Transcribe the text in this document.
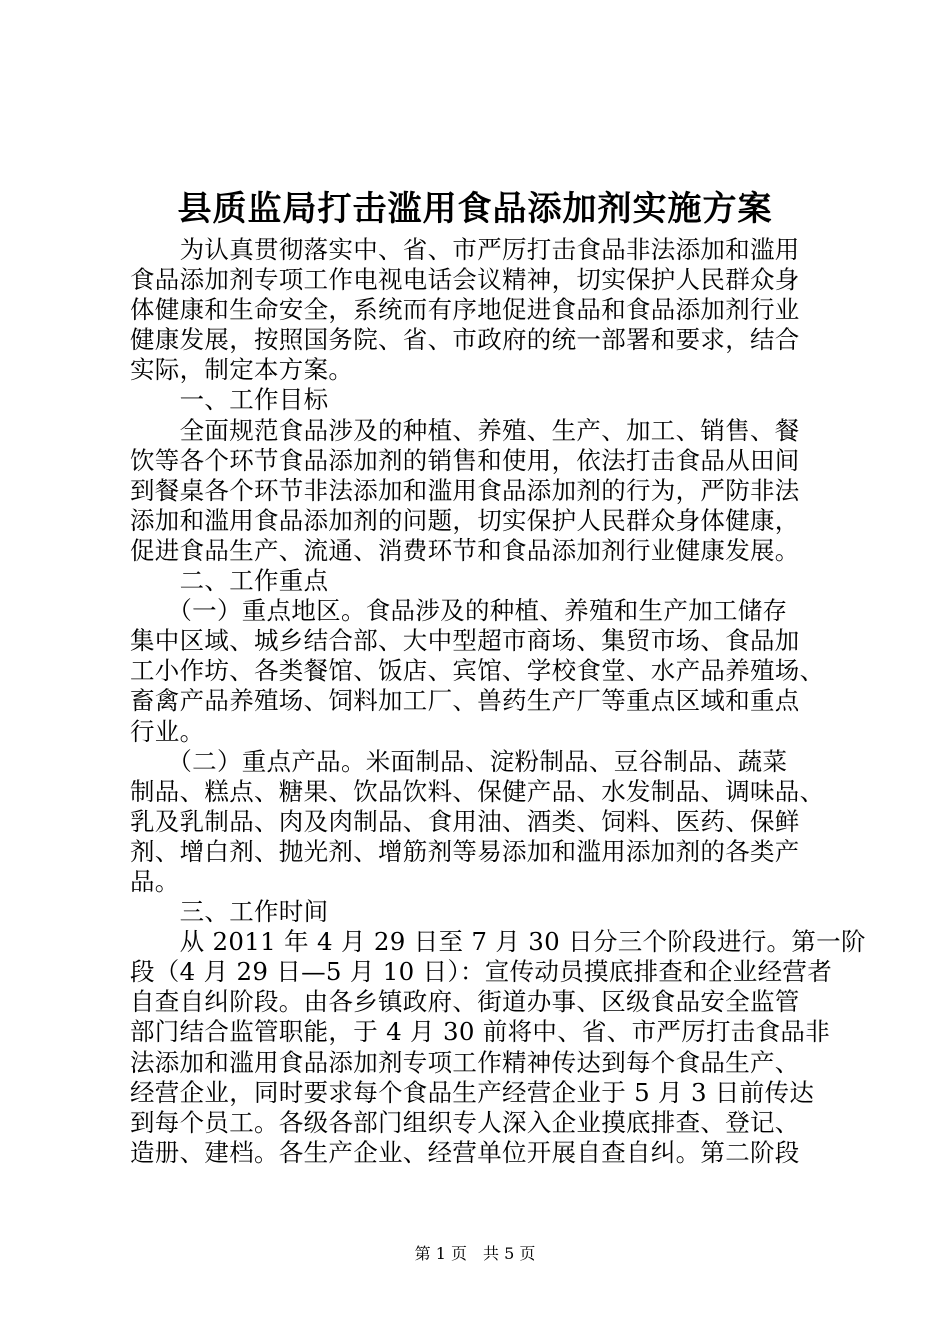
县质监局打击滥用食品添加剂实施方案
　　为认真贯彻落实中、省、市严厉打击食品非法添加和滥用
食品添加剂专项工作电视电话会议精神，切实保护人民群众身
体健康和生命安全，系统而有序地促进食品和食品添加剂行业
健康发展，按照国务院、省、市政府的统一部署和要求，结合
实际，制定本方案。
　　一、工作目标
　　全面规范食品涉及的种植、养殖、生产、加工、销售、餐
饮等各个环节食品添加剂的销售和使用，依法打击食品从田间
到餐桌各个环节非法添加和滥用食品添加剂的行为，严防非法
添加和滥用食品添加剂的问题，切实保护人民群众身体健康，
促进食品生产、流通、消费环节和食品添加剂行业健康发展。
　　二、工作重点
　　（一）重点地区。食品涉及的种植、养殖和生产加工储存
集中区域、城乡结合部、大中型超市商场、集贸市场、食品加
工小作坊、各类餐馆、饭店、宾馆、学校食堂、水产品养殖场、
畜禽产品养殖场、饲料加工厂、兽药生产厂等重点区域和重点
行业。
　　（二）重点产品。米面制品、淀粉制品、豆谷制品、蔬菜
制品、糕点、糖果、饮品饮料、保健产品、水发制品、调味品、
乳及乳制品、肉及肉制品、食用油、酒类、饲料、医药、保鲜
剂、增白剂、抛光剂、增筋剂等易添加和滥用添加剂的各类产
品。
　　三、工作时间
　　从 2011 年 4 月 29 日至 7 月 30 日分三个阶段进行。第一阶
段（4 月 29 日—5 月 10 日）：宣传动员摸底排查和企业经营者
自查自纠阶段。由各乡镇政府、街道办事、区级食品安全监管
部门结合监管职能，于 4 月 30 前将中、省、市严厉打击食品非
法添加和滥用食品添加剂专项工作精神传达到每个食品生产、
经营企业，同时要求每个食品生产经营企业于 5 月 3 日前传达
到每个员工。各级各部门组织专人深入企业摸底排查、登记、
造册、建档。各生产企业、经营单位开展自查自纠。第二阶段
第 1 页　共 5 页
